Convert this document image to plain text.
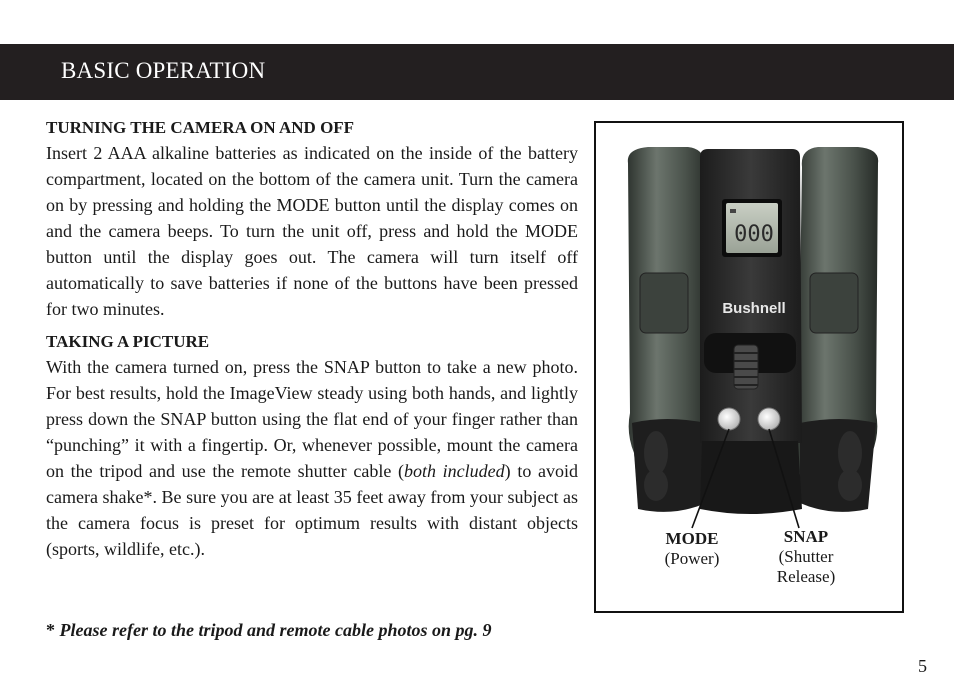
BASIC OPERATION

TURNING THE CAMERA ON AND OFF

Insert 2 AAA alkaline batteries as indicated on the inside of the battery compartment, located on the bottom of the camera unit. Turn the camera on by pressing and holding the MODE button until the display comes on and the camera beeps. To turn the unit off, press and hold the MODE button until the display goes out. The camera will turn itself off automatically to save batteries if none of the buttons have been pressed for two minutes.

TAKING A PICTURE

With the camera turned on, press the SNAP button to take a new photo. For best results, hold the ImageView steady using both hands, and lightly press down the SNAP button using the flat end of your finger rather than “punching” it with a fingertip. Or, whenever possible, mount the camera on the tripod and use the remote shutter cable (both included) to avoid camera shake*. Be sure you are at least 35 feet away from your subject as the camera focus is preset for optimum results with distant objects (sports, wildlife, etc.).

* Please refer to the tripod and remote cable photos on pg. 9
000
Bushnell
MODE
(Power)
SNAP
(Shutter
Release)
5
